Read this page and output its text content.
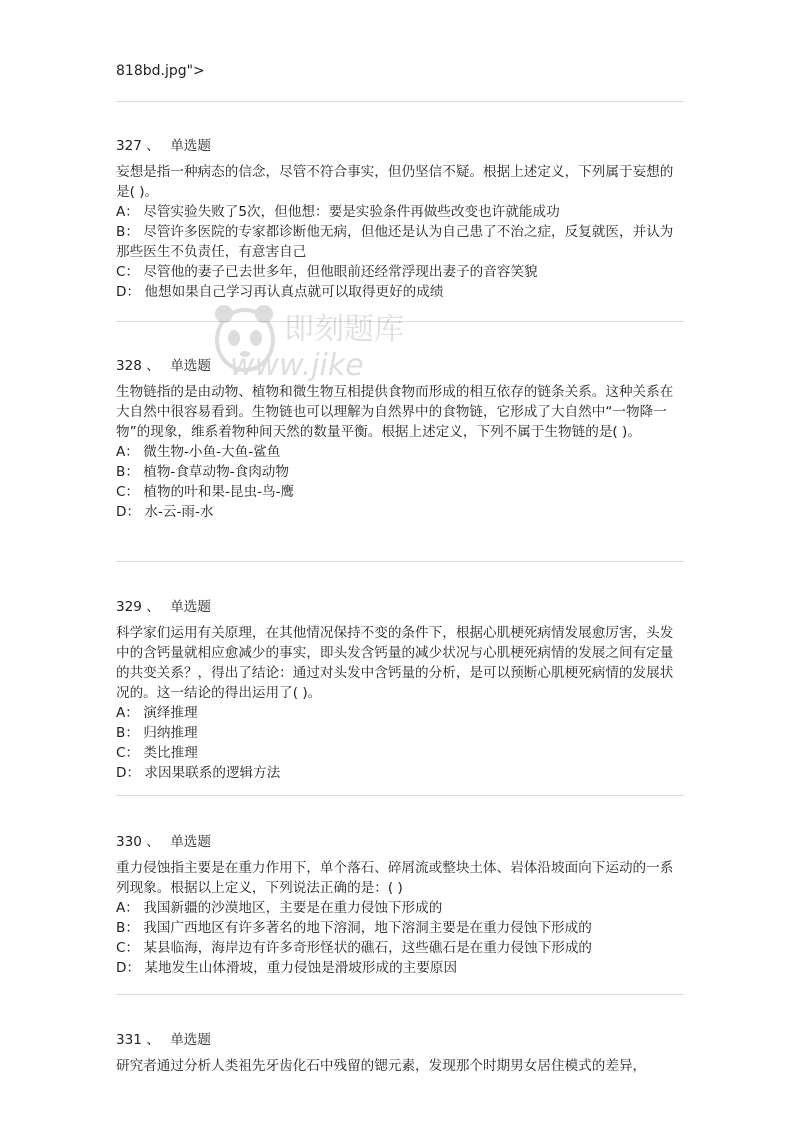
818bd.jpg">
327 、 单选题

妄想是指一种病态的信念，尽管不符合事实，但仍坚信不疑。根据上述定义，下列属于妄想的是( )。

A： 尽管实验失败了5次，但他想：要是实验条件再做些改变也许就能成功

B： 尽管许多医院的专家都诊断他无病，但他还是认为自己患了不治之症，反复就医，并认为那些医生不负责任，有意害自己

C： 尽管他的妻子已去世多年，但他眼前还经常浮现出妻子的音容笑貌

D： 他想如果自己学习再认真点就可以取得更好的成绩

328 、 单选题

生物链指的是由动物、植物和微生物互相提供食物而形成的相互依存的链条关系。这种关系在大自然中很容易看到。生物链也可以理解为自然界中的食物链，它形成了大自然中“一物降一物”的现象，维系着物种间天然的数量平衡。根据上述定义，下列不属于生物链的是( )。

A： 微生物-小鱼-大鱼-鲨鱼

B： 植物-食草动物-食肉动物

C： 植物的叶和果-昆虫-鸟-鹰

D： 水-云-雨-水

329 、 单选题

科学家们运用有关原理，在其他情况保持不变的条件下，根据心肌梗死病情发展愈厉害，头发中的含钙量就相应愈减少的事实，即头发含钙量的减少状况与心肌梗死病情的发展之间有定量的共变关系？，得出了结论：通过对头发中含钙量的分析，是可以预断心肌梗死病情的发展状况的。这一结论的得出运用了( )。

A： 演绎推理

B： 归纳推理

C： 类比推理

D： 求因果联系的逻辑方法

330 、 单选题

重力侵蚀指主要是在重力作用下，单个落石、碎屑流或整块土体、岩体沿坡面向下运动的一系列现象。根据以上定义，下列说法正确的是：( )

A： 我国新疆的沙漠地区，主要是在重力侵蚀下形成的

B： 我国广西地区有许多著名的地下溶洞，地下溶洞主要是在重力侵蚀下形成的

C： 某县临海，海岸边有许多奇形怪状的礁石，这些礁石是在重力侵蚀下形成的

D： 某地发生山体滑坡，重力侵蚀是滑坡形成的主要原因

331 、 单选题

研究者通过分析人类祖先牙齿化石中残留的锶元素，发现那个时期男女居住模式的差异，

即刻题库
www.jike
